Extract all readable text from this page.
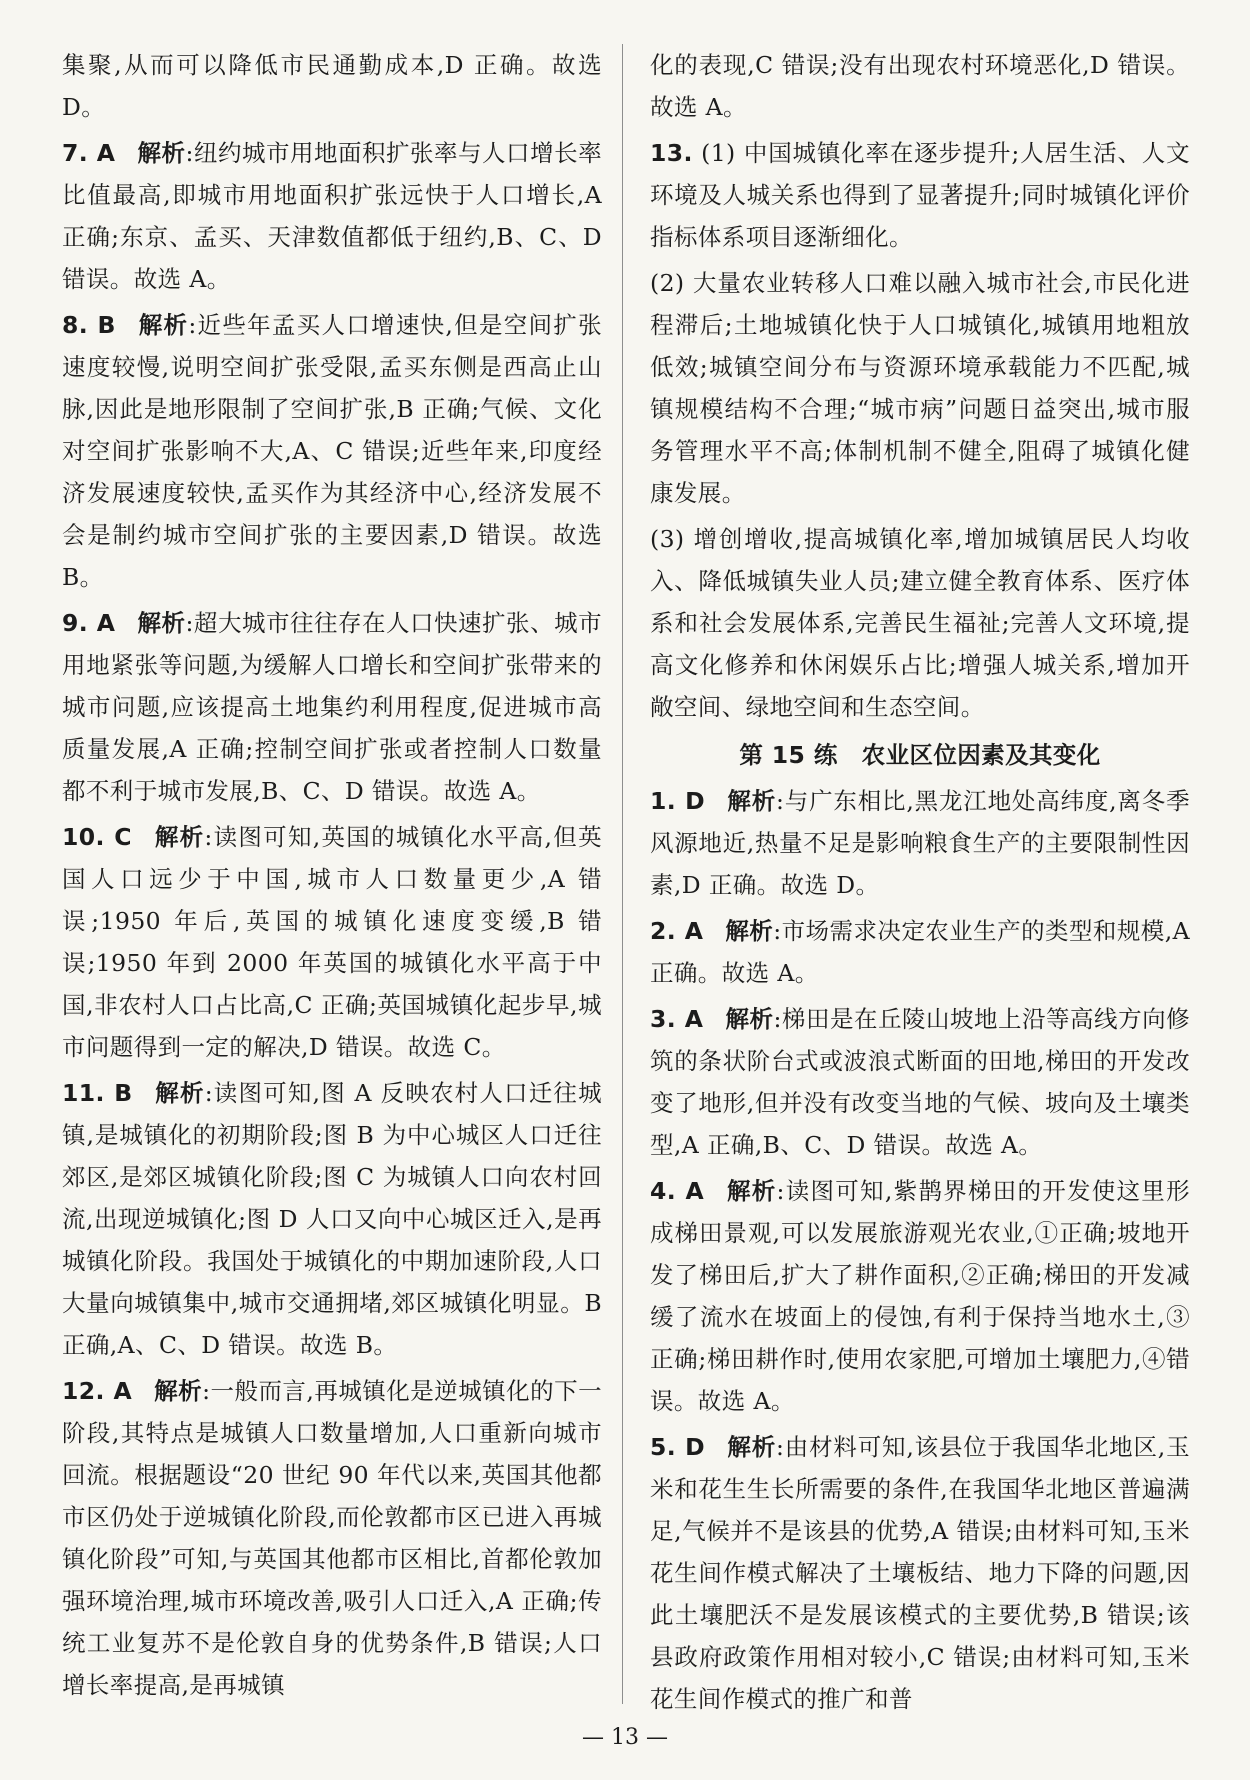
集聚,从而可以降低市民通勤成本,D 正确。故选 D。
7. A 解析:纽约城市用地面积扩张率与人口增长率比值最高,即城市用地面积扩张远快于人口增长,A 正确;东京、孟买、天津数值都低于纽约,B、C、D 错误。故选 A。
8. B 解析:近些年孟买人口增速快,但是空间扩张速度较慢,说明空间扩张受限,孟买东侧是西高止山脉,因此是地形限制了空间扩张,B 正确;气候、文化对空间扩张影响不大,A、C 错误;近些年来,印度经济发展速度较快,孟买作为其经济中心,经济发展不会是制约城市空间扩张的主要因素,D 错误。故选 B。
9. A 解析:超大城市往往存在人口快速扩张、城市用地紧张等问题,为缓解人口增长和空间扩张带来的城市问题,应该提高土地集约利用程度,促进城市高质量发展,A 正确;控制空间扩张或者控制人口数量都不利于城市发展,B、C、D 错误。故选 A。
10. C 解析:读图可知,英国的城镇化水平高,但英国人口远少于中国,城市人口数量更少,A 错误;1950 年后,英国的城镇化速度变缓,B 错误;1950 年到 2000 年英国的城镇化水平高于中国,非农村人口占比高,C 正确;英国城镇化起步早,城市问题得到一定的解决,D 错误。故选 C。
11. B 解析:读图可知,图 A 反映农村人口迁往城镇,是城镇化的初期阶段;图 B 为中心城区人口迁往郊区,是郊区城镇化阶段;图 C 为城镇人口向农村回流,出现逆城镇化;图 D 人口又向中心城区迁入,是再城镇化阶段。我国处于城镇化的中期加速阶段,人口大量向城镇集中,城市交通拥堵,郊区城镇化明显。B 正确,A、C、D 错误。故选 B。
12. A 解析:一般而言,再城镇化是逆城镇化的下一阶段,其特点是城镇人口数量增加,人口重新向城市回流。根据题设“20 世纪 90 年代以来,英国其他都市区仍处于逆城镇化阶段,而伦敦都市区已进入再城镇化阶段”可知,与英国其他都市区相比,首都伦敦加强环境治理,城市环境改善,吸引人口迁入,A 正确;传统工业复苏不是伦敦自身的优势条件,B 错误;人口增长率提高,是再城镇
化的表现,C 错误;没有出现农村环境恶化,D 错误。故选 A。
13. (1) 中国城镇化率在逐步提升;人居生活、人文环境及人城关系也得到了显著提升;同时城镇化评价指标体系项目逐渐细化。
(2) 大量农业转移人口难以融入城市社会,市民化进程滞后;土地城镇化快于人口城镇化,城镇用地粗放低效;城镇空间分布与资源环境承载能力不匹配,城镇规模结构不合理;“城市病”问题日益突出,城市服务管理水平不高;体制机制不健全,阻碍了城镇化健康发展。
(3) 增创增收,提高城镇化率,增加城镇居民人均收入、降低城镇失业人员;建立健全教育体系、医疗体系和社会发展体系,完善民生福祉;完善人文环境,提高文化修养和休闲娱乐占比;增强人城关系,增加开敞空间、绿地空间和生态空间。
第 15 练　农业区位因素及其变化
1. D 解析:与广东相比,黑龙江地处高纬度,离冬季风源地近,热量不足是影响粮食生产的主要限制性因素,D 正确。故选 D。
2. A 解析:市场需求决定农业生产的类型和规模,A 正确。故选 A。
3. A 解析:梯田是在丘陵山坡地上沿等高线方向修筑的条状阶台式或波浪式断面的田地,梯田的开发改变了地形,但并没有改变当地的气候、坡向及土壤类型,A 正确,B、C、D 错误。故选 A。
4. A 解析:读图可知,紫鹊界梯田的开发使这里形成梯田景观,可以发展旅游观光农业,①正确;坡地开发了梯田后,扩大了耕作面积,②正确;梯田的开发减缓了流水在坡面上的侵蚀,有利于保持当地水土,③正确;梯田耕作时,使用农家肥,可增加土壤肥力,④错误。故选 A。
5. D 解析:由材料可知,该县位于我国华北地区,玉米和花生生长所需要的条件,在我国华北地区普遍满足,气候并不是该县的优势,A 错误;由材料可知,玉米花生间作模式解决了土壤板结、地力下降的问题,因此土壤肥沃不是发展该模式的主要优势,B 错误;该县政府政策作用相对较小,C 错误;由材料可知,玉米花生间作模式的推广和普
— 13 —
